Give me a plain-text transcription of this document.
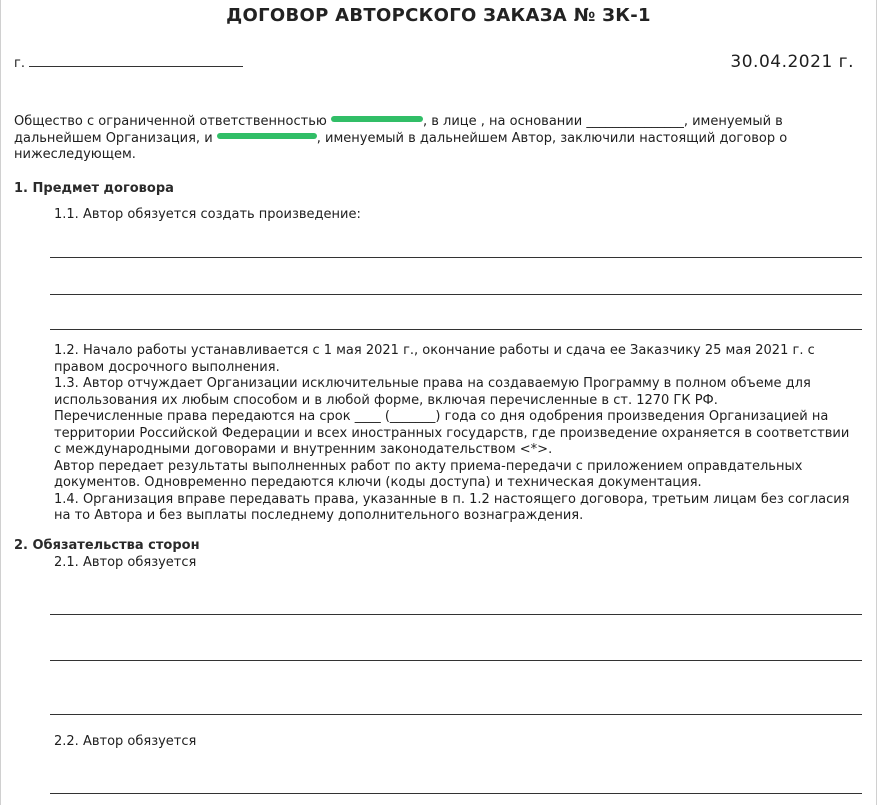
ДОГОВОР АВТОРСКОГО ЗАКАЗА № ЗК-1
г.	30.04.2021 г.
Общество с ограниченной ответственностью	, в лице , на основании _______________, именуемый в дальнейшем Организация, и	, именуемый в дальнейшем Автор, заключили настоящий договор о нижеследующем.
1. Предмет договора
1.1. Автор обязуется создать произведение:
1.2. Начало работы устанавливается с 1 мая 2021 г., окончание работы и сдача ее Заказчику 25 мая 2021 г. с правом досрочного выполнения.
1.3. Автор отчуждает Организации исключительные права на создаваемую Программу в полном объеме для использования их любым способом и в любой форме, включая перечисленные в ст. 1270 ГК РФ.
Перечисленные права передаются на срок ____ (_______) года со дня одобрения произведения Организацией на территории Российской Федерации и всех иностранных государств, где произведение охраняется в соответствии с международными договорами и внутренним законодательством <*>.
Автор передает результаты выполненных работ по акту приема-передачи с приложением оправдательных документов. Одновременно передаются ключи (коды доступа) и техническая документация.
1.4. Организация вправе передавать права, указанные в п. 1.2 настоящего договора, третьим лицам без согласия на то Автора и без выплаты последнему дополнительного вознаграждения.
2. Обязательства сторон
2.1. Автор обязуется
2.2. Автор обязуется
